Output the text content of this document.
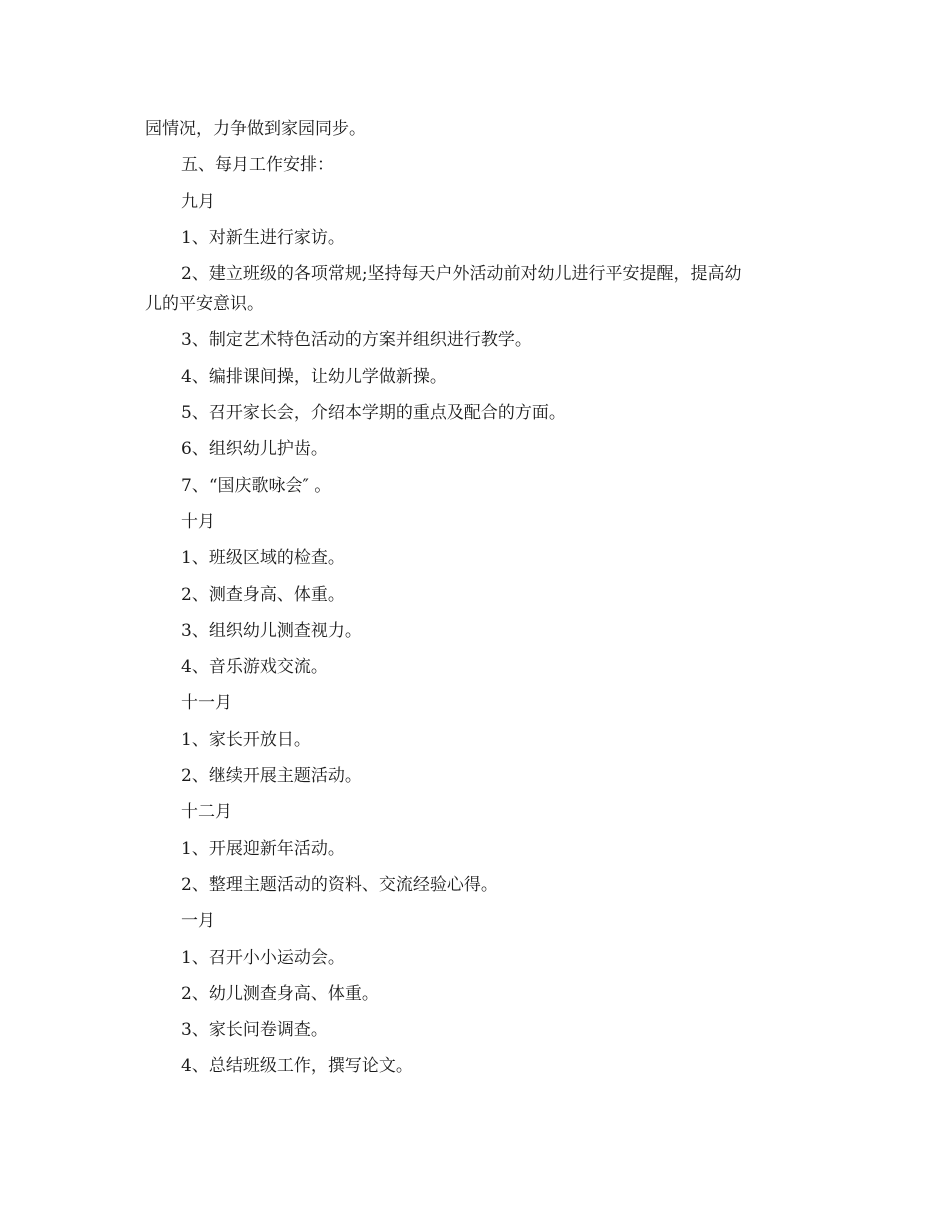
园情况，力争做到家园同步。
五、每月工作安排：
九月
1、对新生进行家访。
2、建立班级的各项常规;坚持每天户外活动前对幼儿进行平安提醒，提高幼
儿的平安意识。
3、制定艺术特色活动的方案并组织进行教学。
4、编排课间操，让幼儿学做新操。
5、召开家长会，介绍本学期的重点及配合的方面。
6、组织幼儿护齿。
7、“国庆歌咏会″ 。
十月
1、班级区域的检查。
2、测查身高、体重。
3、组织幼儿测查视力。
4、音乐游戏交流。
十一月
1、家长开放日。
2、继续开展主题活动。
十二月
1、开展迎新年活动。
2、整理主题活动的资料、交流经验心得。
一月
1、召开小小运动会。
2、幼儿测查身高、体重。
3、家长问卷调查。
4、总结班级工作，撰写论文。
